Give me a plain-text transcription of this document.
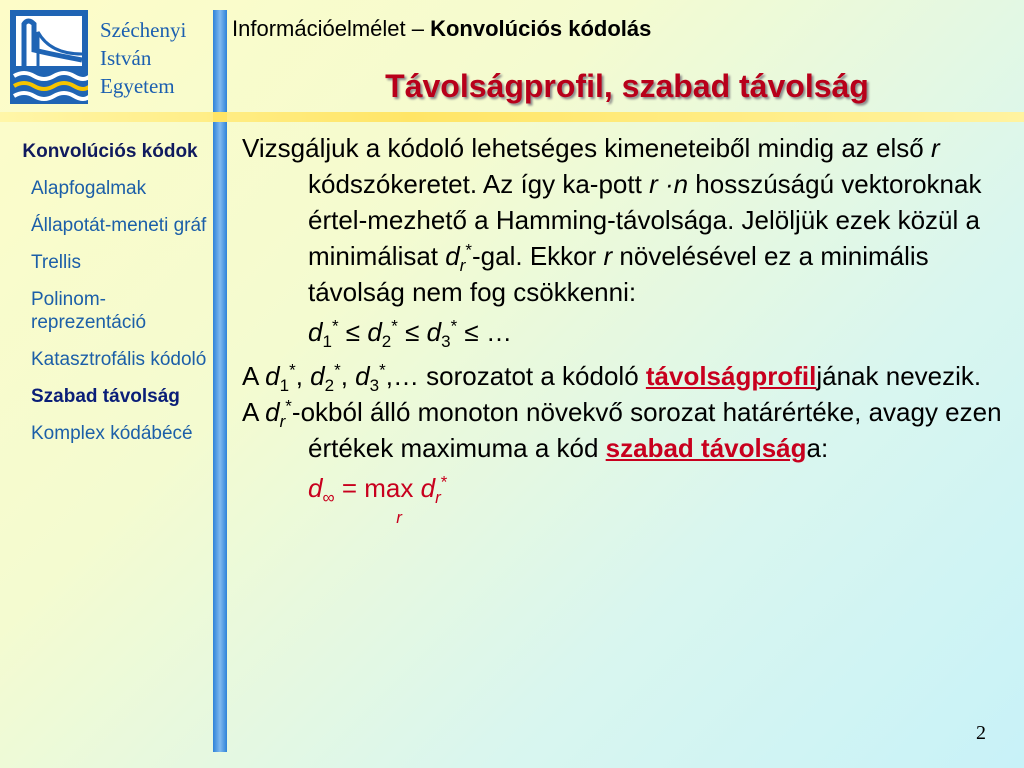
Széchenyi
István
Egyetem
Információelmélet – Konvolúciós kódolás
Távolságprofil, szabad távolság
Konvolúciós kódok
Alapfogalmak
Állapotát-meneti gráf
Trellis
Polinom-reprezentáció
Katasztrofális kódoló
Szabad távolság
Komplex kódábécé

Vizsgáljuk a kódoló lehetséges kimeneteiből mindig az első r kódszókeretet. Az így ka-pott r ·n hosszúságú vektoroknak értel-mezhető a Hamming-távolsága. Jelöljük ezek közül a minimálisat $d_r^*$-gal. Ekkor r növelésével ez a minimális távolság nem fog csökkenni:

$d_1^* \le d_2^* \le d_3^*$ ≤ …

A $d_1^*$, $d_2^*$, $d_3^*,\dots$ sorozatot a kódoló távolságprofiljának nevezik.

A $d_r^*$-okból álló monoton növekvő sorozat határértéke, avagy ezen értékek maximuma a kód szabad távolsága:

$d_\infty = \max$
r
$d_r^*$
2
